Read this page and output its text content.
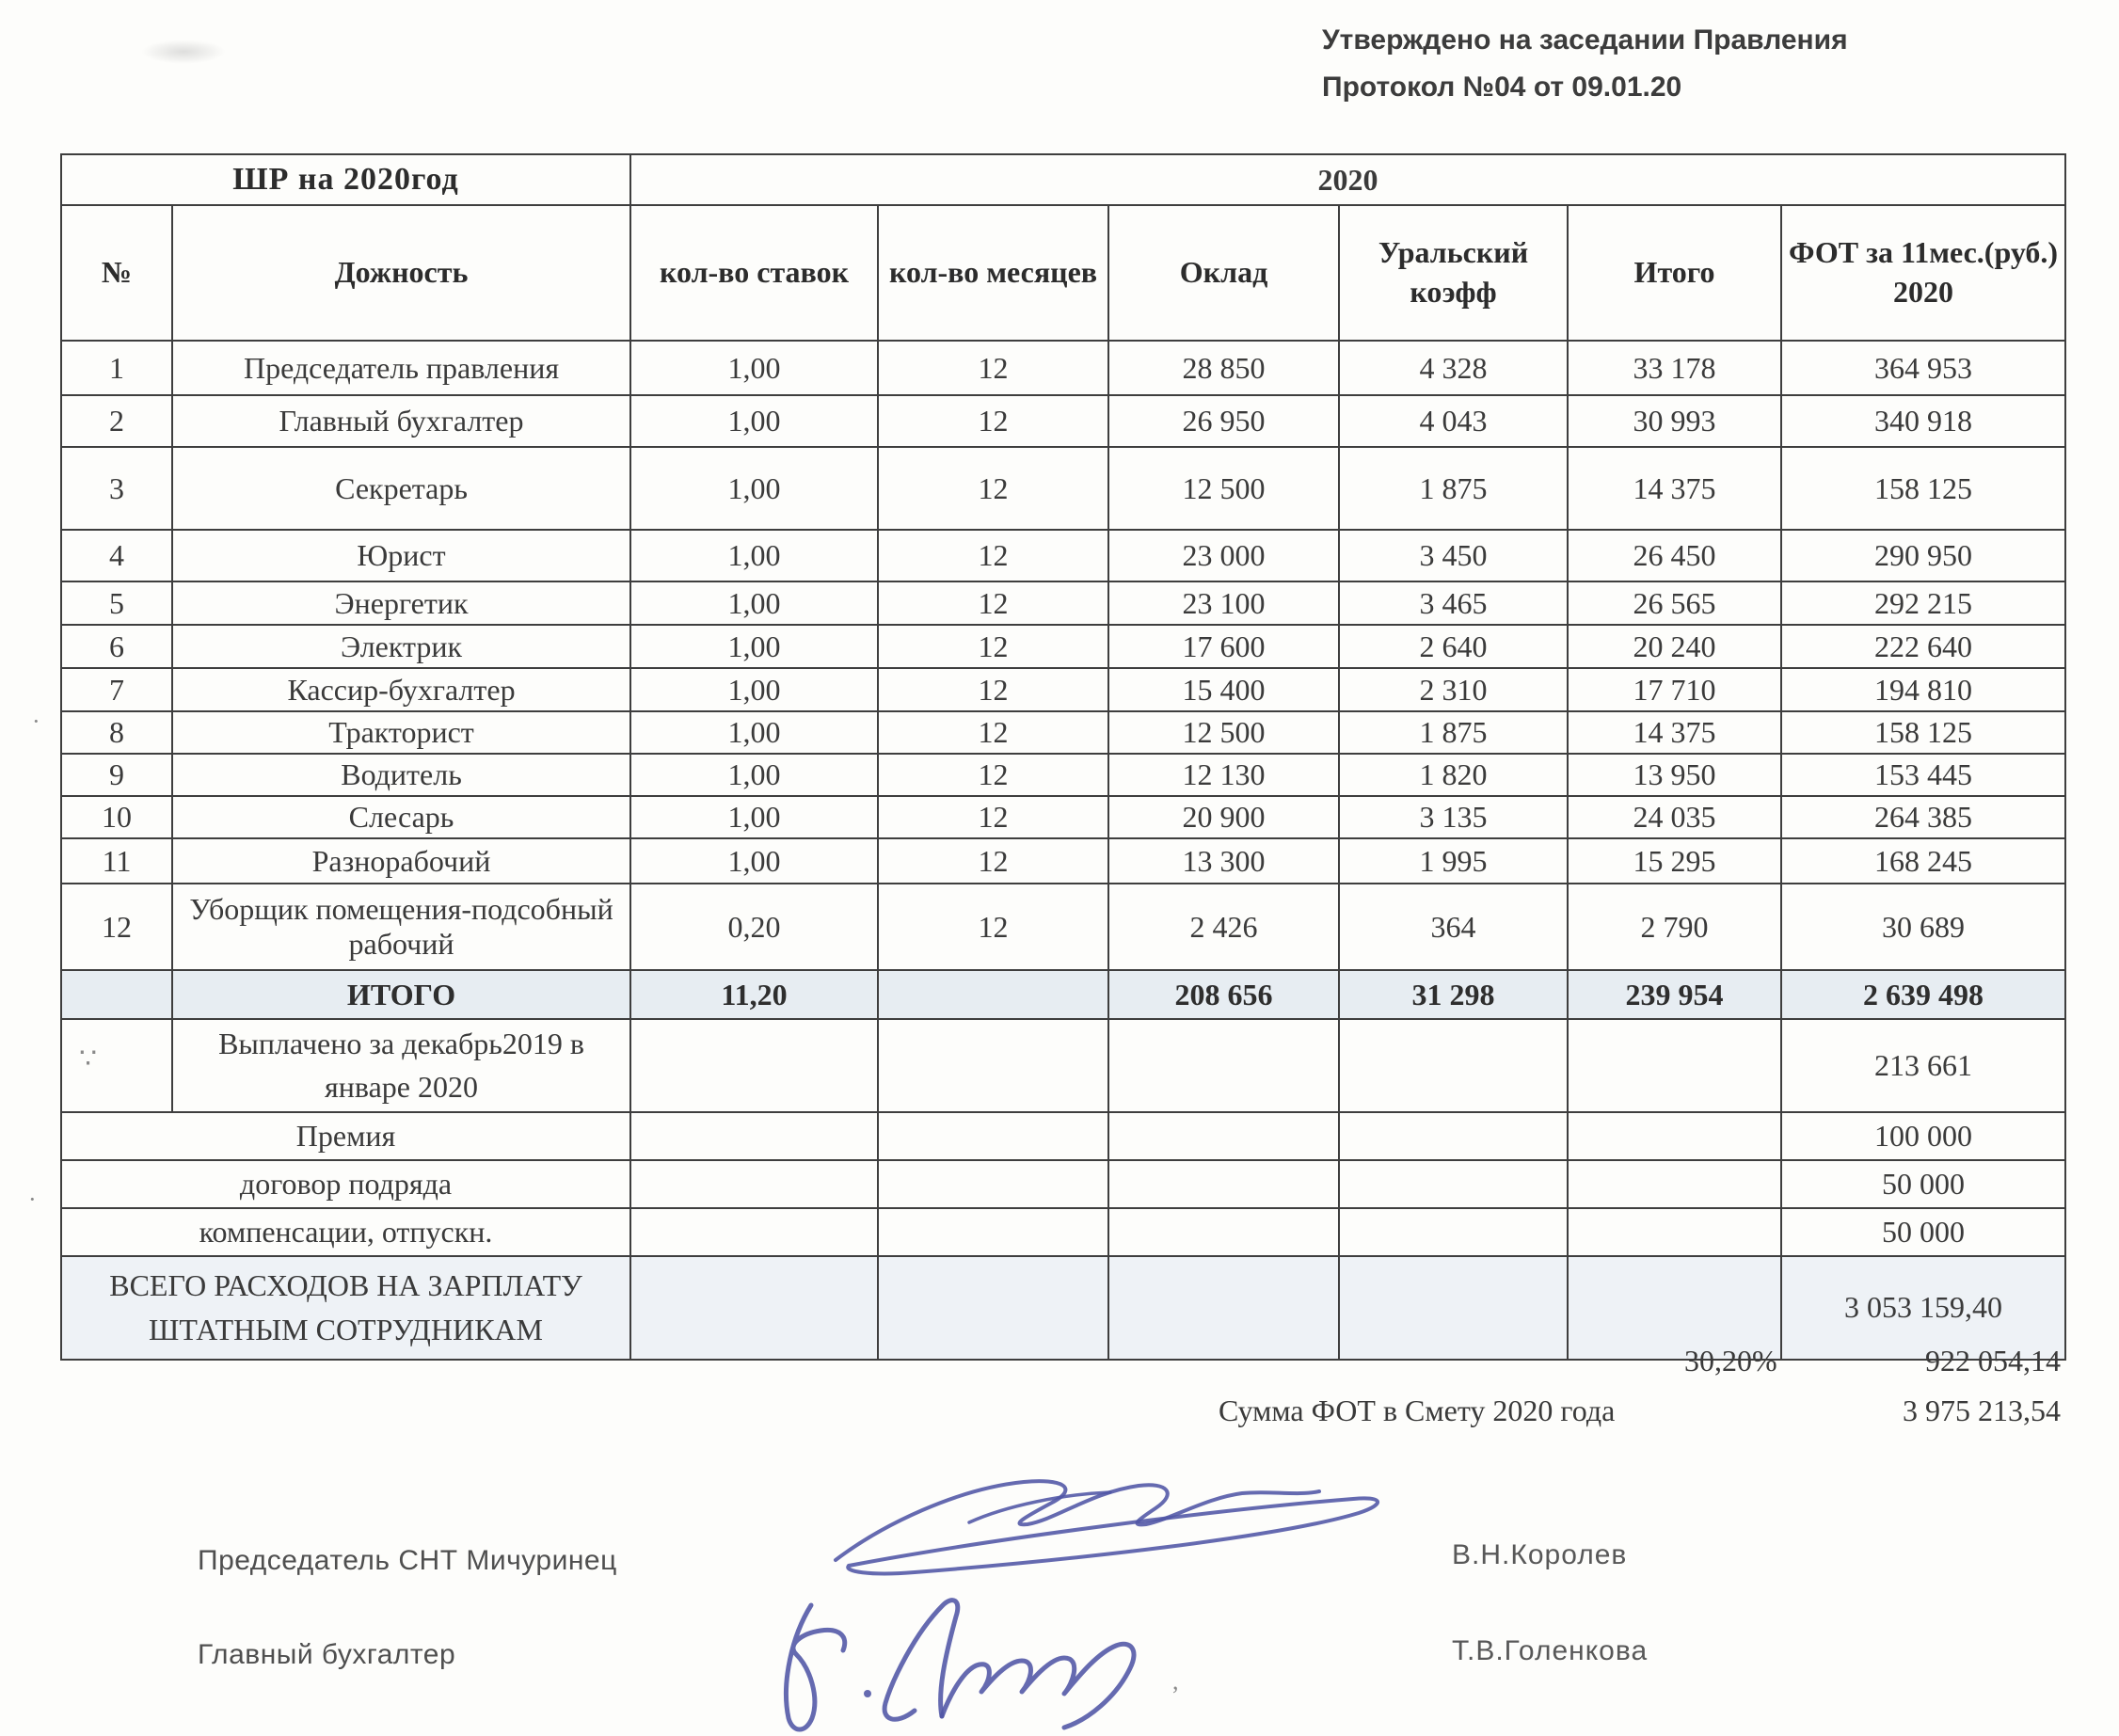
Утверждено на заседании Правления
Протокол №04 от 09.01.20
ШР на 2020год		2020					
№	Дожность	кол-во ставок	кол-во месяцев	Оклад	Уральский коэфф	Итого	ФОТ за 11мес.(руб.) 2020
1	Председатель правления	1,00	12	28 850	4 328	33 178	364 953
2	Главный бухгалтер	1,00	12	26 950	4 043	30 993	340 918
3	Секретарь	1,00	12	12 500	1 875	14 375	158 125
4	Юрист	1,00	12	23 000	3 450	26 450	290 950
5	Энергетик	1,00	12	23 100	3 465	26 565	292 215
6	Электрик	1,00	12	17 600	2 640	20 240	222 640
7	Кассир-бухгалтер	1,00	12	15 400	2 310	17 710	194 810
8	Тракторист	1,00	12	12 500	1 875	14 375	158 125
9	Водитель	1,00	12	12 130	1 820	13 950	153 445
10	Слесарь	1,00	12	20 900	3 135	24 035	264 385
11	Разнорабочий	1,00	12	13 300	1 995	15 295	168 245
12	Уборщик помещения-подсобный рабочий	0,20	12	2 426	364	2 790	30 689
	ИТОГО	11,20		208 656	31 298	239 954	2 639 498
	Выплачено за декабрь2019 в январе 2020						213 661
Премия							100 000
договор подряда							50 000
компенсации, отпускн.							50 000
ВСЕГО РАСХОДОВ НА ЗАРПЛАТУ ШТАТНЫМ СОТРУДНИКАМ							3 053 159,40
30,20%	922 054,14
Сумма ФОТ в Смету 2020 года	3 975 213,54
Председатель СНТ Мичуринец	В.Н.Королев
Главный бухгалтер	Т.В.Голенкова
·
∵
·
,
